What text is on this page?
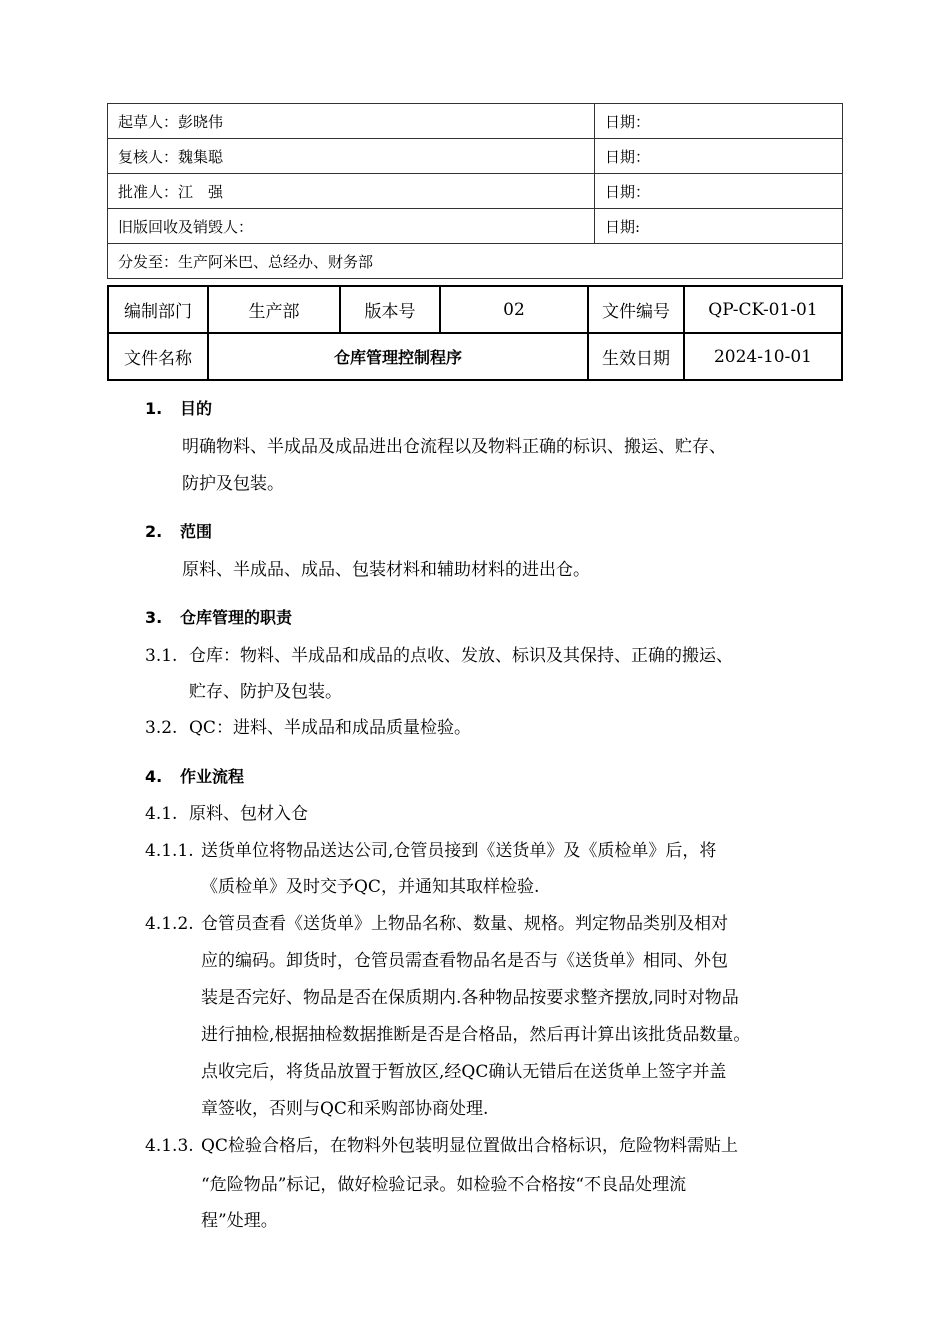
起草人：彭晓伟	日期：
复核人：魏集聪	日期：
批准人：江　强	日期：
旧版回收及销毁人：	日期:
分发至：生产阿米巴、总经办、财务部	
编制部门	生产部	版本号	02	文件编号	QP-CK-01-01
文件名称	仓库管理控制程序			生效日期	2024-10-01
1. 目的
明确物料、半成品及成品进出仓流程以及物料正确的标识、搬运、贮存、
防护及包装。
2. 范围
原料、半成品、成品、包装材料和辅助材料的进出仓。
3. 仓库管理的职责
3.1. 仓库：物料、半成品和成品的点收、发放、标识及其保持、正确的搬运、
贮存、防护及包装。
3.2. QC：进料、半成品和成品质量检验。
4. 作业流程
4.1. 原料、包材入仓
4.1.1. 送货单位将物品送达公司,仓管员接到《送货单》及《质检单》后，将
《质检单》及时交予QC，并通知其取样检验.
4.1.2. 仓管员查看《送货单》上物品名称、数量、规格。判定物品类别及相对
应的编码。卸货时，仓管员需查看物品名是否与《送货单》相同、外包
装是否完好、物品是否在保质期内.各种物品按要求整齐摆放,同时对物品
进行抽检,根据抽检数据推断是否是合格品，然后再计算出该批货品数量。
点收完后，将货品放置于暂放区,经QC确认无错后在送货单上签字并盖
章签收，否则与QC和采购部协商处理.
4.1.3. QC检验合格后，在物料外包装明显位置做出合格标识，危险物料需贴上
“危险物品”标记，做好检验记录。如检验不合格按“不良品处理流
程”处理。
